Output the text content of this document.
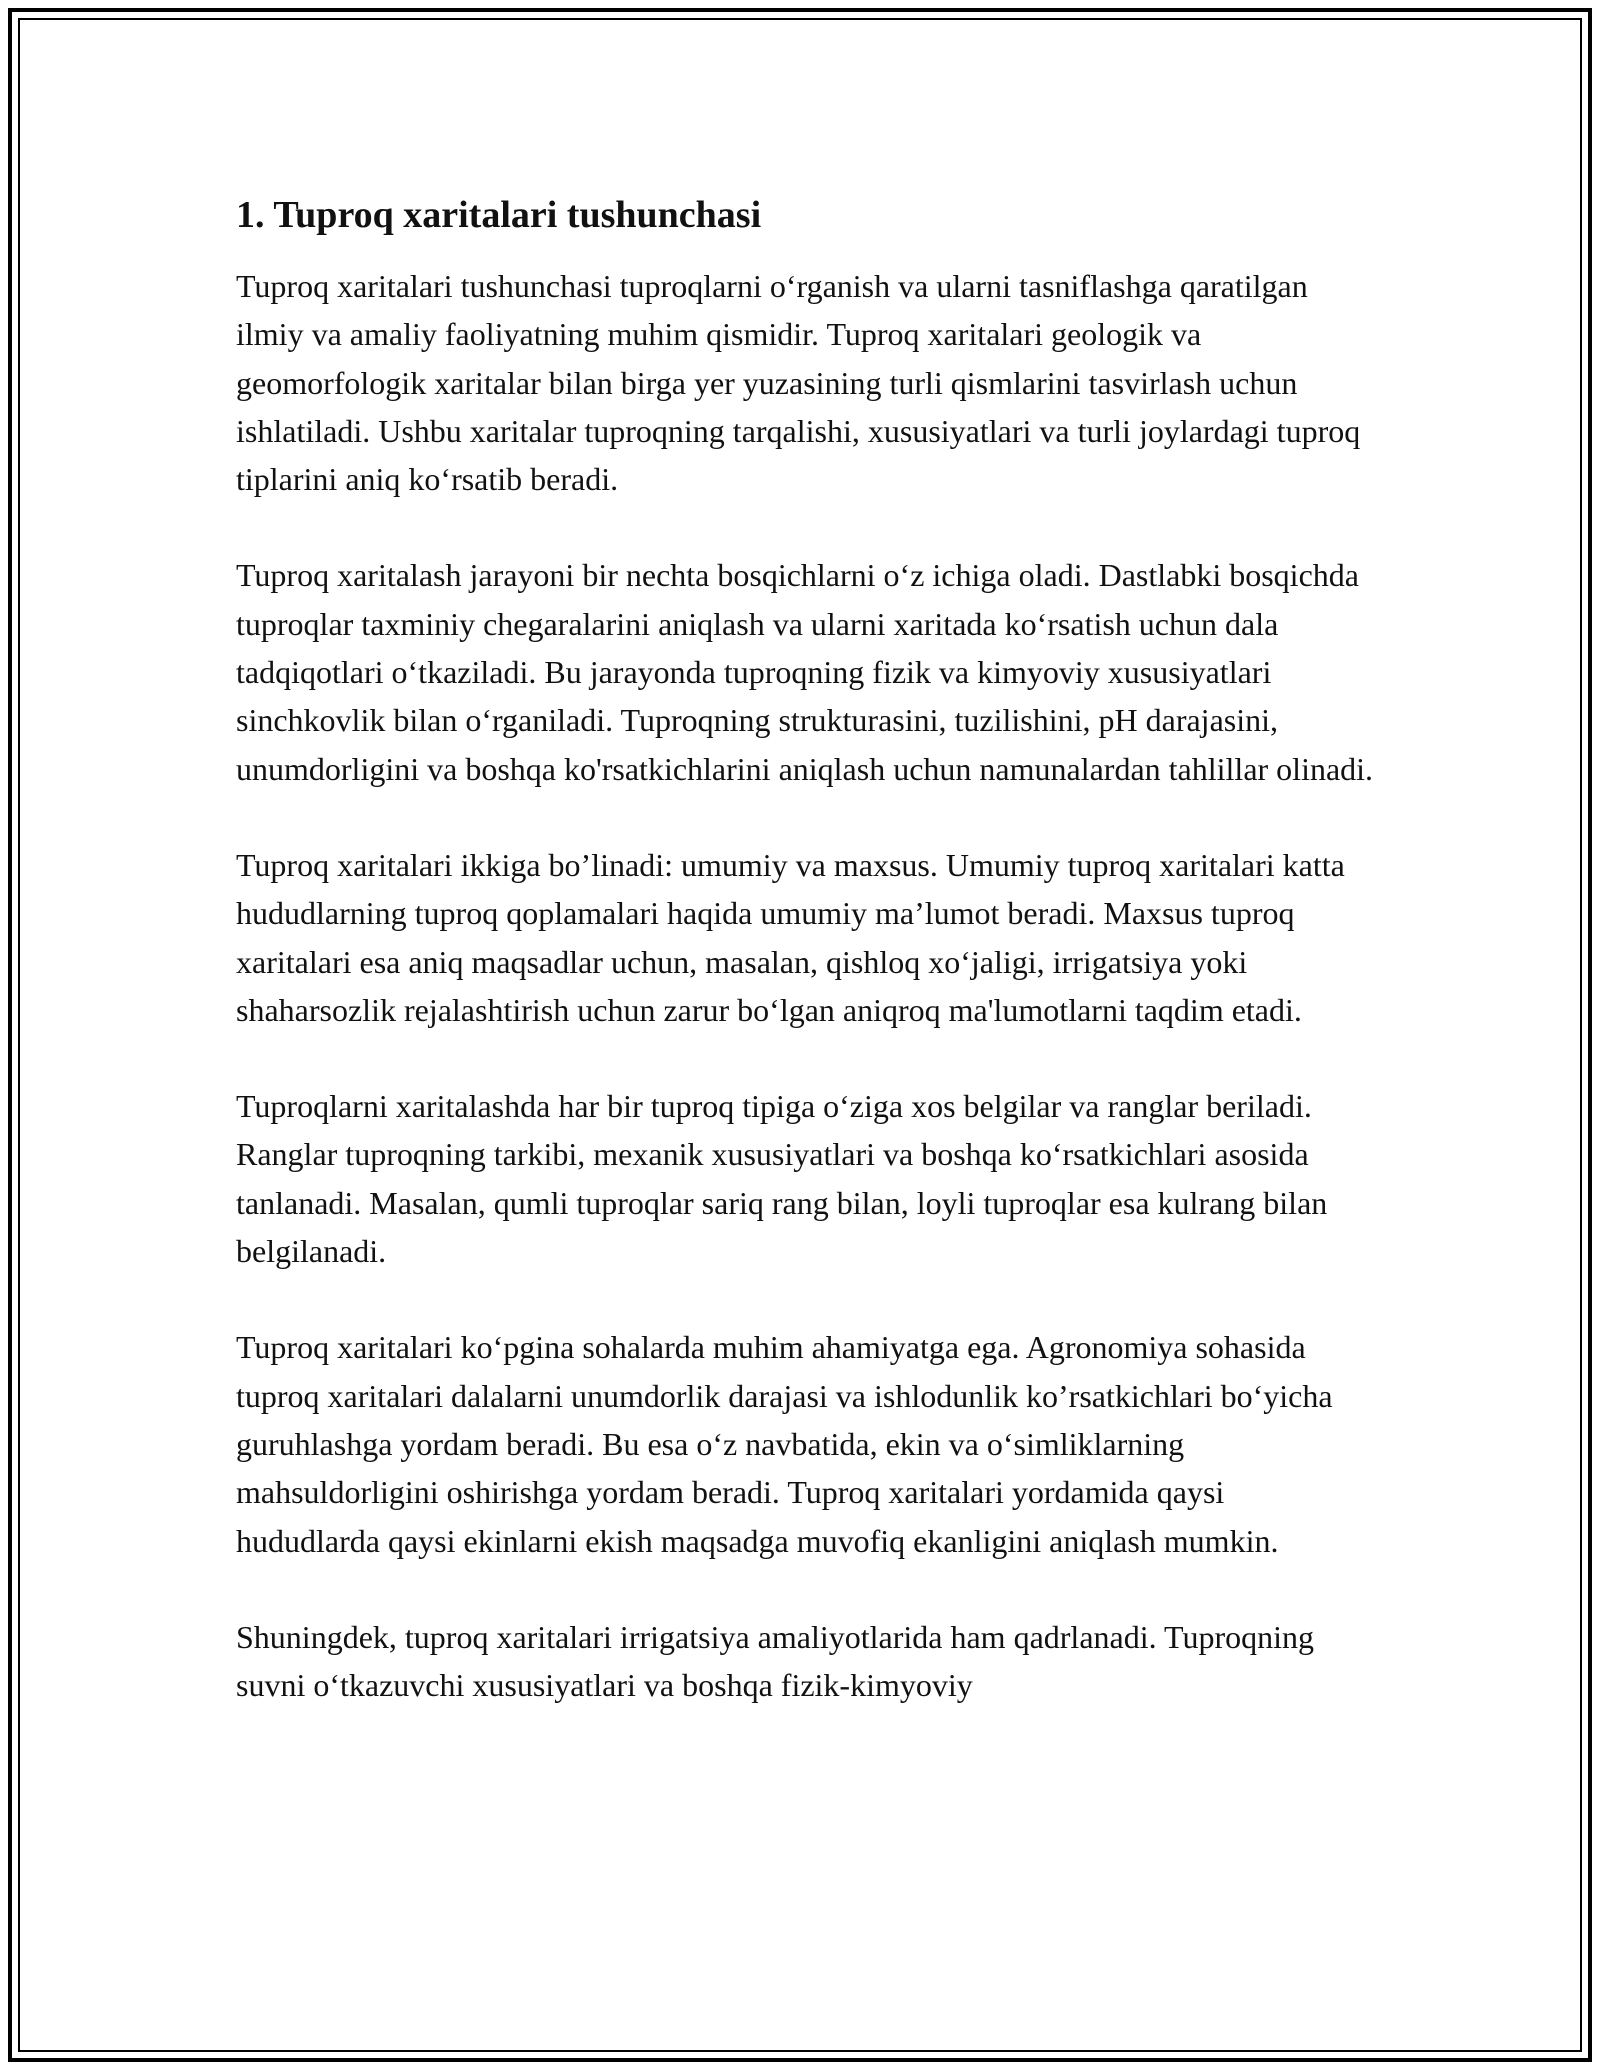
1. Tuproq xaritalari tushunchasi

Tuproq xaritalari tushunchasi tuproqlarni o‘rganish va ularni tasniflashga qaratilgan ilmiy va amaliy faoliyatning muhim qismidir. Tuproq xaritalari geologik va geomorfologik xaritalar bilan birga yer yuzasining turli qismlarini tasvirlash uchun ishlatiladi. Ushbu xaritalar tuproqning tarqalishi, xususiyatlari va turli joylardagi tuproq tiplarini aniq ko‘rsatib beradi.

Tuproq xaritalash jarayoni bir nechta bosqichlarni o‘z ichiga oladi. Dastlabki bosqichda tuproqlar taxminiy chegaralarini aniqlash va ularni xaritada ko‘rsatish uchun dala tadqiqotlari o‘tkaziladi. Bu jarayonda tuproqning fizik va kimyoviy xususiyatlari sinchkovlik bilan o‘rganiladi. Tuproqning strukturasini, tuzilishini, pH darajasini, unumdorligini va boshqa ko'rsatkichlarini aniqlash uchun namunalardan tahlillar olinadi.

Tuproq xaritalari ikkiga bo’linadi: umumiy va maxsus. Umumiy tuproq xaritalari katta hududlarning tuproq qoplamalari haqida umumiy ma’lumot beradi. Maxsus tuproq xaritalari esa aniq maqsadlar uchun, masalan, qishloq xo‘jaligi, irrigatsiya yoki shaharsozlik rejalashtirish uchun zarur bo‘lgan aniqroq ma'lumotlarni taqdim etadi.

Tuproqlarni xaritalashda har bir tuproq tipiga o‘ziga xos belgilar va ranglar beriladi. Ranglar tuproqning tarkibi, mexanik xususiyatlari va boshqa ko‘rsatkichlari asosida tanlanadi. Masalan, qumli tuproqlar sariq rang bilan, loyli tuproqlar esa kulrang bilan belgilanadi.

Tuproq xaritalari ko‘pgina sohalarda muhim ahamiyatga ega. Agronomiya sohasida tuproq xaritalari dalalarni unumdorlik darajasi va ishlodunlik ko’rsatkichlari bo‘yicha guruhlashga yordam beradi. Bu esa o‘z navbatida, ekin va o‘simliklarning mahsuldorligini oshirishga yordam beradi. Tuproq xaritalari yordamida qaysi hududlarda qaysi ekinlarni ekish maqsadga muvofiq ekanligini aniqlash mumkin.

Shuningdek, tuproq xaritalari irrigatsiya amaliyotlarida ham qadrlanadi. Tuproqning suvni o‘tkazuvchi xususiyatlari va boshqa fizik-kimyoviy
